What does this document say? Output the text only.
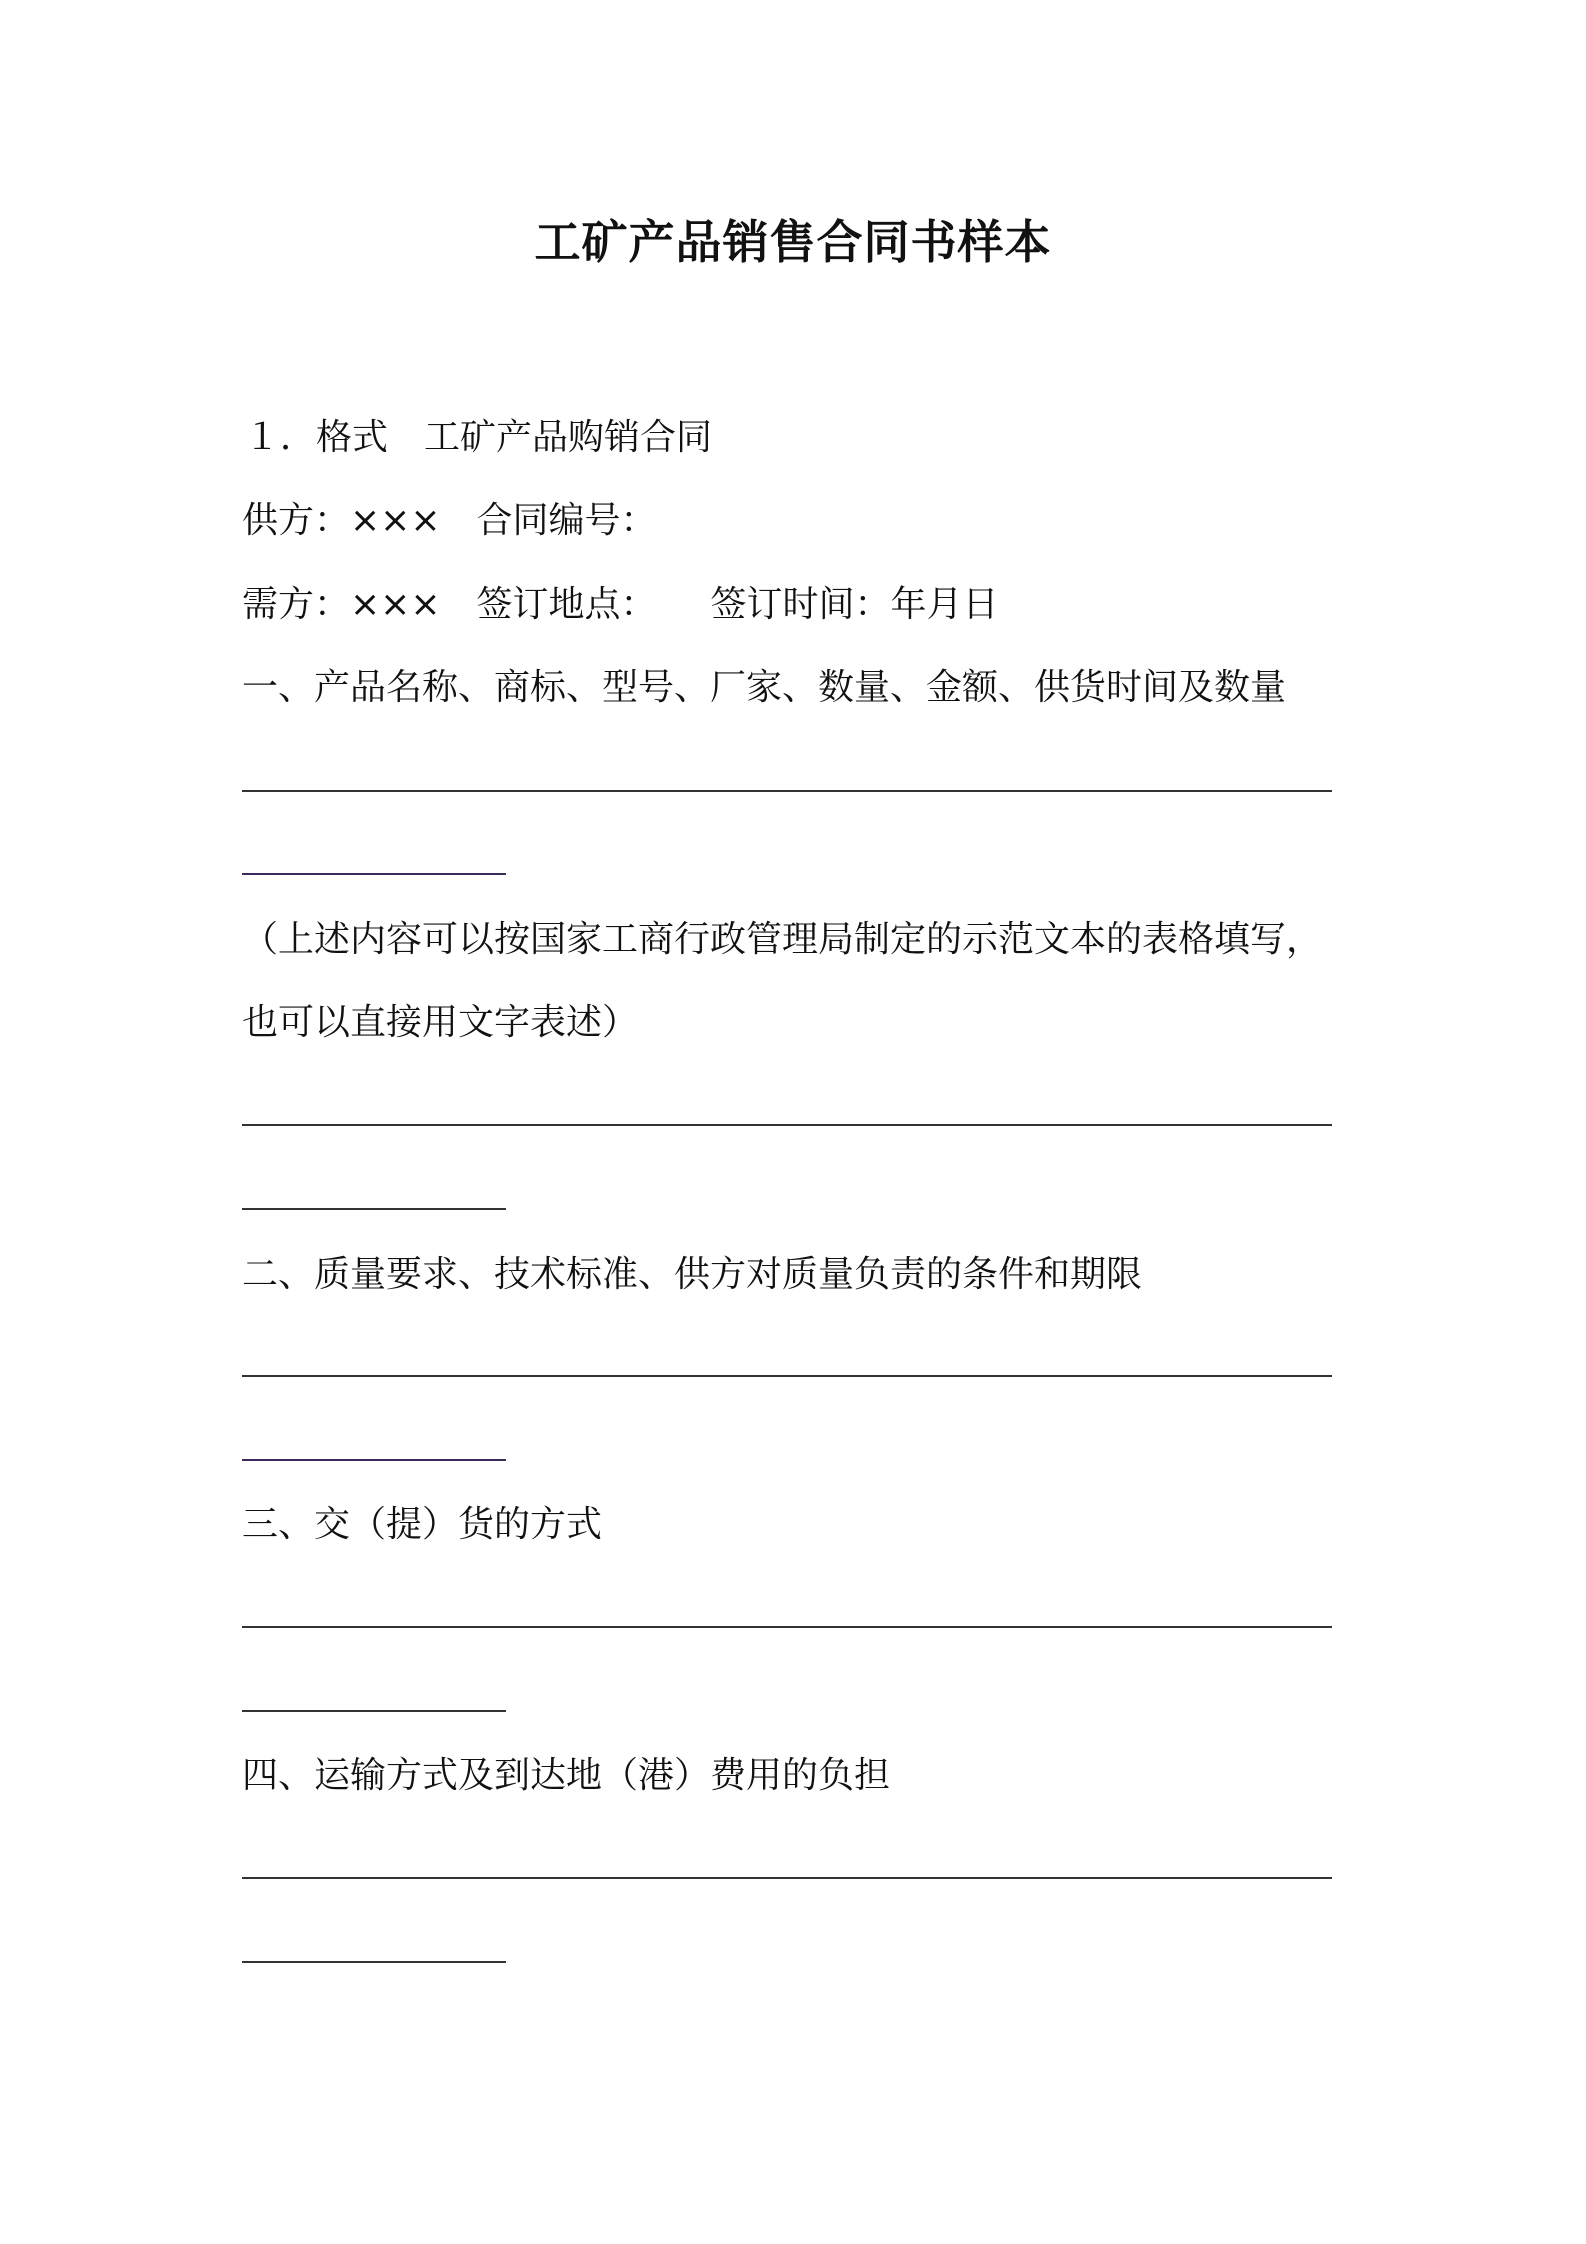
工矿产品销售合同书样本
１．格式　工矿产品购销合同
供方：×××　合同编号：
需方：×××　签订地点：　　签订时间：年月日
一、产品名称、商标、型号、厂家、数量、金额、供货时间及数量
（上述内容可以按国家工商行政管理局制定的示范文本的表格填写，
也可以直接用文字表述）
二、质量要求、技术标准、供方对质量负责的条件和期限
三、交（提）货的方式
四、运输方式及到达地（港）费用的负担
